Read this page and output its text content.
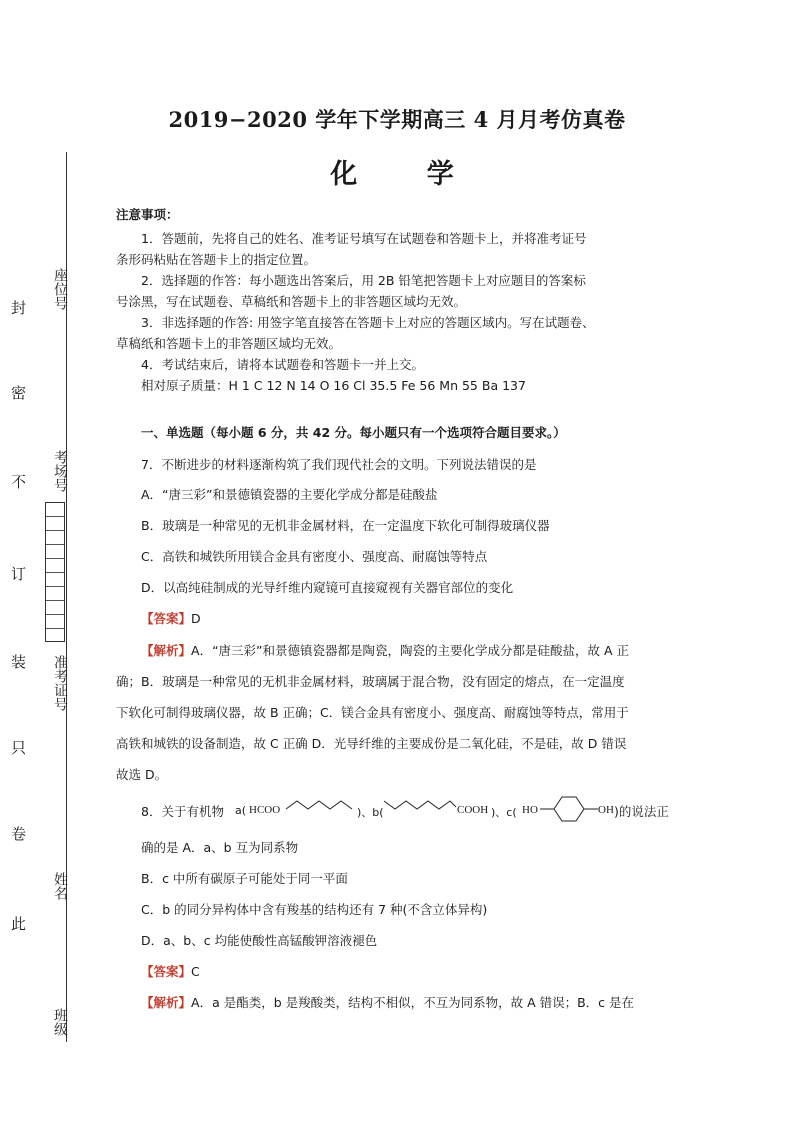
封
密
不
订
装
只
卷
此
座位号
考场号
准考证号
姓名
班级
2019−2020 学年下学期高三 4 月月考仿真卷
化 学
注意事项：
1．答题前，先将自己的姓名、准考证号填写在试题卷和答题卡上，并将准考证号
条形码粘贴在答题卡上的指定位置。
2．选择题的作答：每小题选出答案后，用 2B 铅笔把答题卡上对应题目的答案标
号涂黑，写在试题卷、草稿纸和答题卡上的非答题区域均无效。
3．非选择题的作答: 用签字笔直接答在答题卡上对应的答题区域内。写在试题卷、
草稿纸和答题卡上的非答题区域均无效。
4．考试结束后，请将本试题卷和答题卡一并上交。
相对原子质量：H 1 C 12 N 14 O 16 Cl 35.5 Fe 56 Mn 55 Ba 137
一、单选题（每小题 6 分，共 42 分。每小题只有一个选项符合题目要求。）
7．不断进步的材料逐渐构筑了我们现代社会的文明。下列说法错误的是
A．“唐三彩”和景德镇瓷器的主要化学成分都是硅酸盐
B．玻璃是一种常见的无机非金属材料，在一定温度下软化可制得玻璃仪器
C．高铁和城铁所用镁合金具有密度小、强度高、耐腐蚀等特点
D．以高纯硅制成的光导纤维内窥镜可直接窥视有关器官部位的变化
【答案】D
【解析】A．“唐三彩”和景德镇瓷器都是陶瓷，陶瓷的主要化学成分都是硅酸盐，故 A 正
确；B．玻璃是一种常见的无机非金属材料，玻璃属于混合物，没有固定的熔点，在一定温度
下软化可制得玻璃仪器，故 B 正确；C．镁合金具有密度小、强度高、耐腐蚀等特点，常用于
高铁和城铁的设备制造，故 C 正确 D．光导纤维的主要成份是二氧化硅，不是硅，故 D 错误
故选 D。
8．关于有机物 a( HCOO	)、b(	COOH )、c( HO	OH )的说法正
确的是 A．a、b 互为同系物
B．c 中所有碳原子可能处于同一平面
C．b 的同分异构体中含有羧基的结构还有 7 种(不含立体异构)
D．a、b、c 均能使酸性高锰酸钾溶液褪色
【答案】C
【解析】A．a 是酯类，b 是羧酸类，结构不相似，不互为同系物，故 A 错误；B．c 是在
